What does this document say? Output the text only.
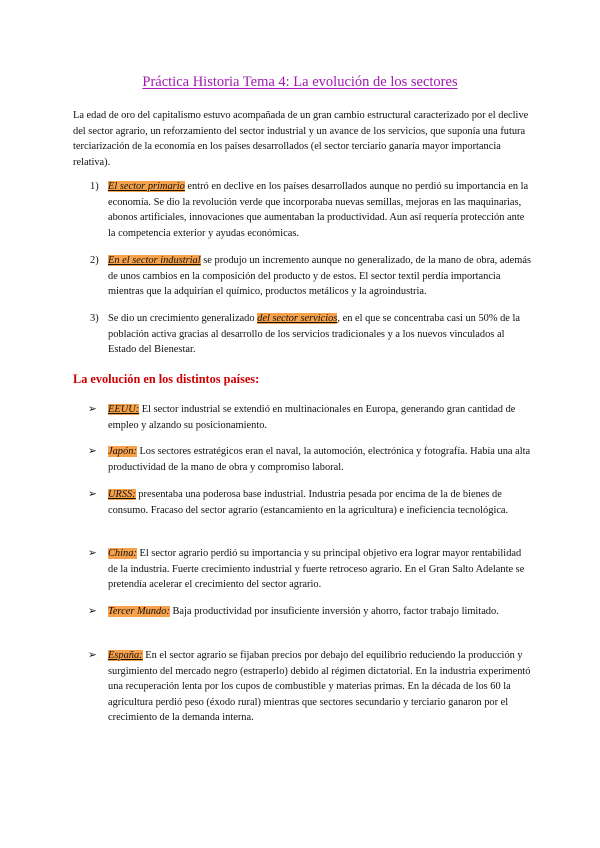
Práctica Historia Tema 4: La evolución de los sectores

La edad de oro del capitalismo estuvo acompañada de un gran cambio estructural caracterizado por el declive del sector agrario, un reforzamiento del sector industrial y un avance de los servicios, que suponía una futura terciarización de la economía en los países desarrollados (el sector terciario ganaría mayor importancia relativa).

1) El sector primario entró en declive en los países desarrollados aunque no perdió su importancia en la economía. Se dio la revolución verde que incorporaba nuevas semillas, mejoras en las maquinarias, abonos artificiales, innovaciones que aumentaban la productividad. Aun así requería protección ante la competencia exterior y ayudas económicas.

2) En el sector industrial se produjo un incremento aunque no generalizado, de la mano de obra, además de unos cambios en la composición del producto y de estos. El sector textil perdía importancia mientras que la adquirían el químico, productos metálicos y la agroindustria.

3) Se dio un crecimiento generalizado del sector servicios, en el que se concentraba casi un 50% de la población activa gracias al desarrollo de los servicios tradicionales y a los nuevos vinculados al Estado del Bienestar.

La evolución en los distintos países:
➢ EEUU: El sector industrial se extendió en multinacionales en Europa, generando gran cantidad de empleo y alzando su posicionamiento.

➢ Japón: Los sectores estratégicos eran el naval, la automoción, electrónica y fotografía. Había una alta productividad de la mano de obra y compromiso laboral.

➢ URSS: presentaba una poderosa base industrial. Industria pesada por encima de la de bienes de consumo. Fracaso del sector agrario (estancamiento en la agricultura) e ineficiencia tecnológica.

➢ China: El sector agrario perdió su importancia y su principal objetivo era lograr mayor rentabilidad de la industria. Fuerte crecimiento industrial y fuerte retroceso agrario. En el Gran Salto Adelante se pretendía acelerar el crecimiento del sector agrario.

➢ Tercer Mundo: Baja productividad por insuficiente inversión y ahorro, factor trabajo limitado.

➢ España: En el sector agrario se fijaban precios por debajo del equilibrio reduciendo la producción y surgimiento del mercado negro (estraperlo) debido al régimen dictatorial. En la industria experimentó una recuperación lenta por los cupos de combustible y materias primas. En la década de los 60 la agricultura perdió peso (éxodo rural) mientras que sectores secundario y terciario ganaron por el crecimiento de la demanda interna.
